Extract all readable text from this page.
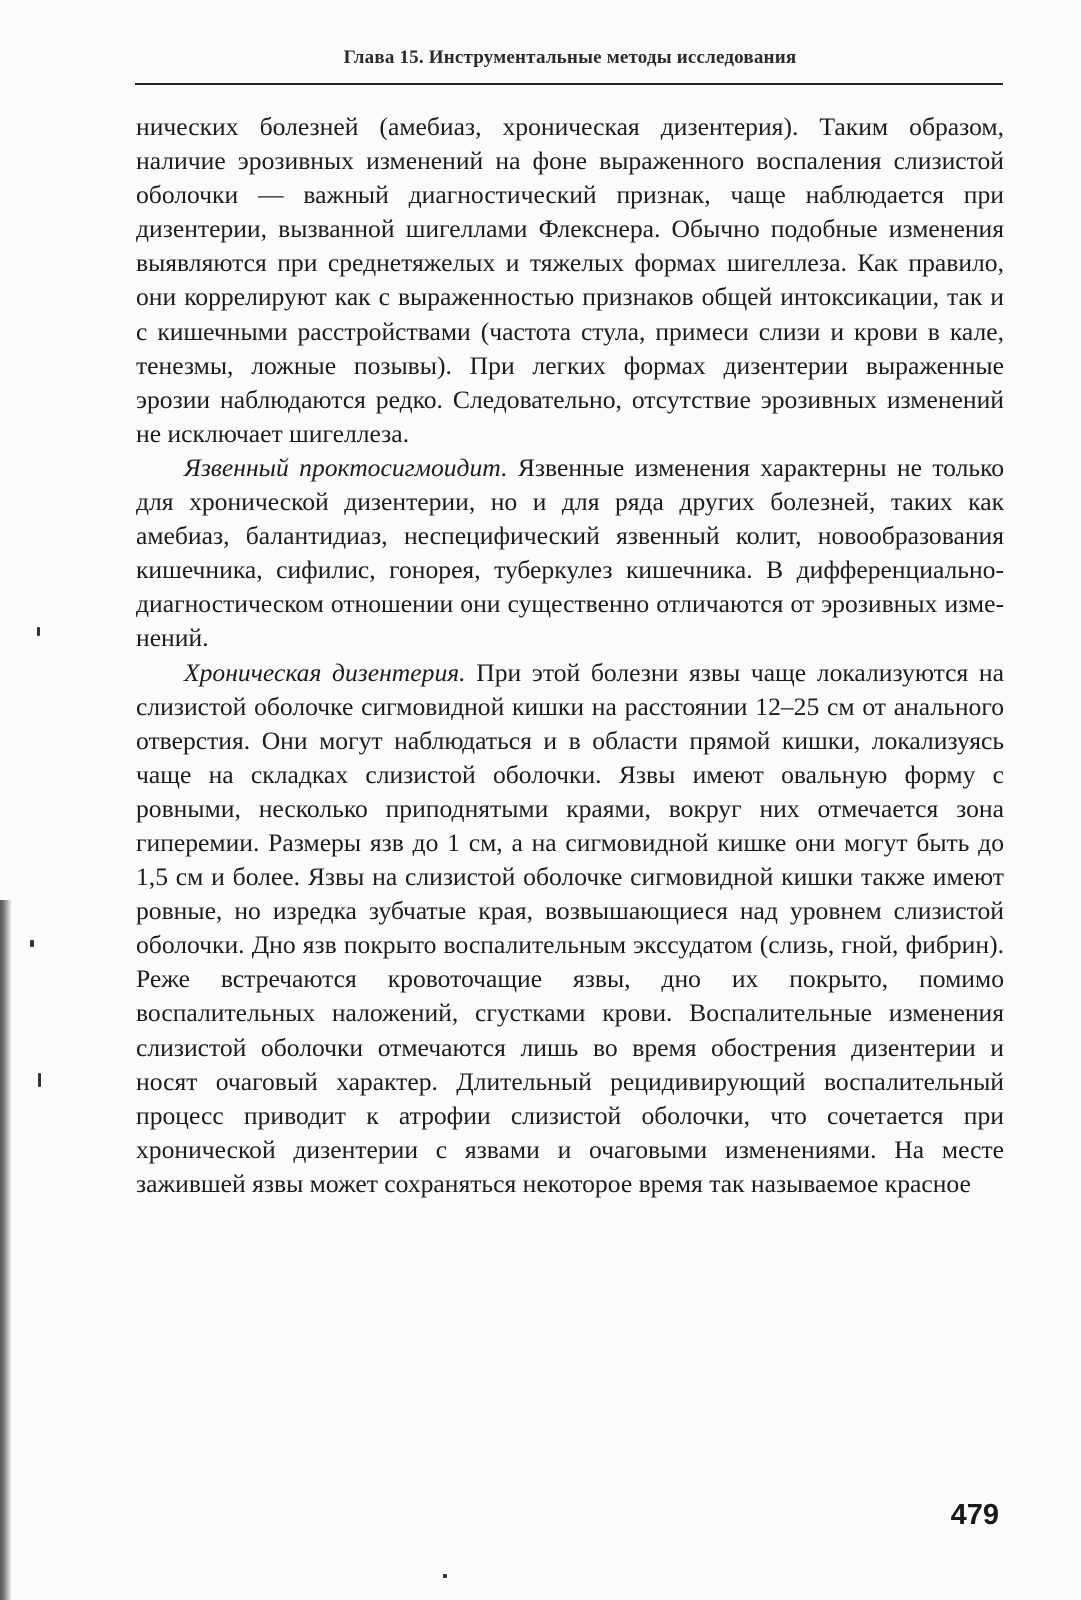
Глава 15. Инструментальные методы исследования

нических болезней (амебиаз, хроническая дизентерия). Таким образом, наличие эрозивных изменений на фоне выраженного воспаления слизистой оболочки — важный диагностический признак, чаще наблюдается при дизентерии, вызванной шигеллами Флекснера. Обычно подобные изменения выявляются при среднетяжелых и тяжелых формах шигеллеза. Как правило, они коррелируют как с выраженностью признаков общей интоксикации, так и с кишечными расстройствами (частота стула, примеси слизи и крови в кале, тенезмы, ложные позывы). При легких формах дизентерии выраженные эрозии наблюдаются редко. Следовательно, отсутствие эрозивных изменений не исключает шигеллеза.

Язвенный проктосигмоидит. Язвенные изменения характерны не только для хронической дизентерии, но и для ряда других болезней, таких как амебиаз, балантидиаз, неспецифический язвенный колит, новообразования кишечника, сифилис, гонорея, туберкулез кишечника. В дифференциально-диагностическом отношении они существенно отличаются от эрозивных изменений.

Хроническая дизентерия. При этой болезни язвы чаще локализуются на слизистой оболочке сигмовидной кишки на расстоянии 12–25 см от анального отверстия. Они могут наблюдаться и в области прямой кишки, локализуясь чаще на складках слизистой оболочки. Язвы имеют овальную форму с ровными, несколько приподнятыми краями, вокруг них отмечается зона гиперемии. Размеры язв до 1 см, а на сигмовидной кишке они могут быть до 1,5 см и более. Язвы на слизистой оболочке сигмовидной кишки также имеют ровные, но изредка зубчатые края, возвышающиеся над уровнем слизистой оболочки. Дно язв покрыто воспалительным экссудатом (слизь, гной, фибрин). Реже встречаются кровоточащие язвы, дно их покрыто, помимо воспалительных наложений, сгустками крови. Воспалительные изменения слизистой оболочки отмечаются лишь во время обострения дизентерии и носят очаговый характер. Длительный рецидивирующий воспалительный процесс приводит к атрофии слизистой оболочки, что сочетается при хронической дизентерии с язвами и очаговыми изменениями. На месте зажившей язвы может сохраняться некоторое время так называемое красное

479
